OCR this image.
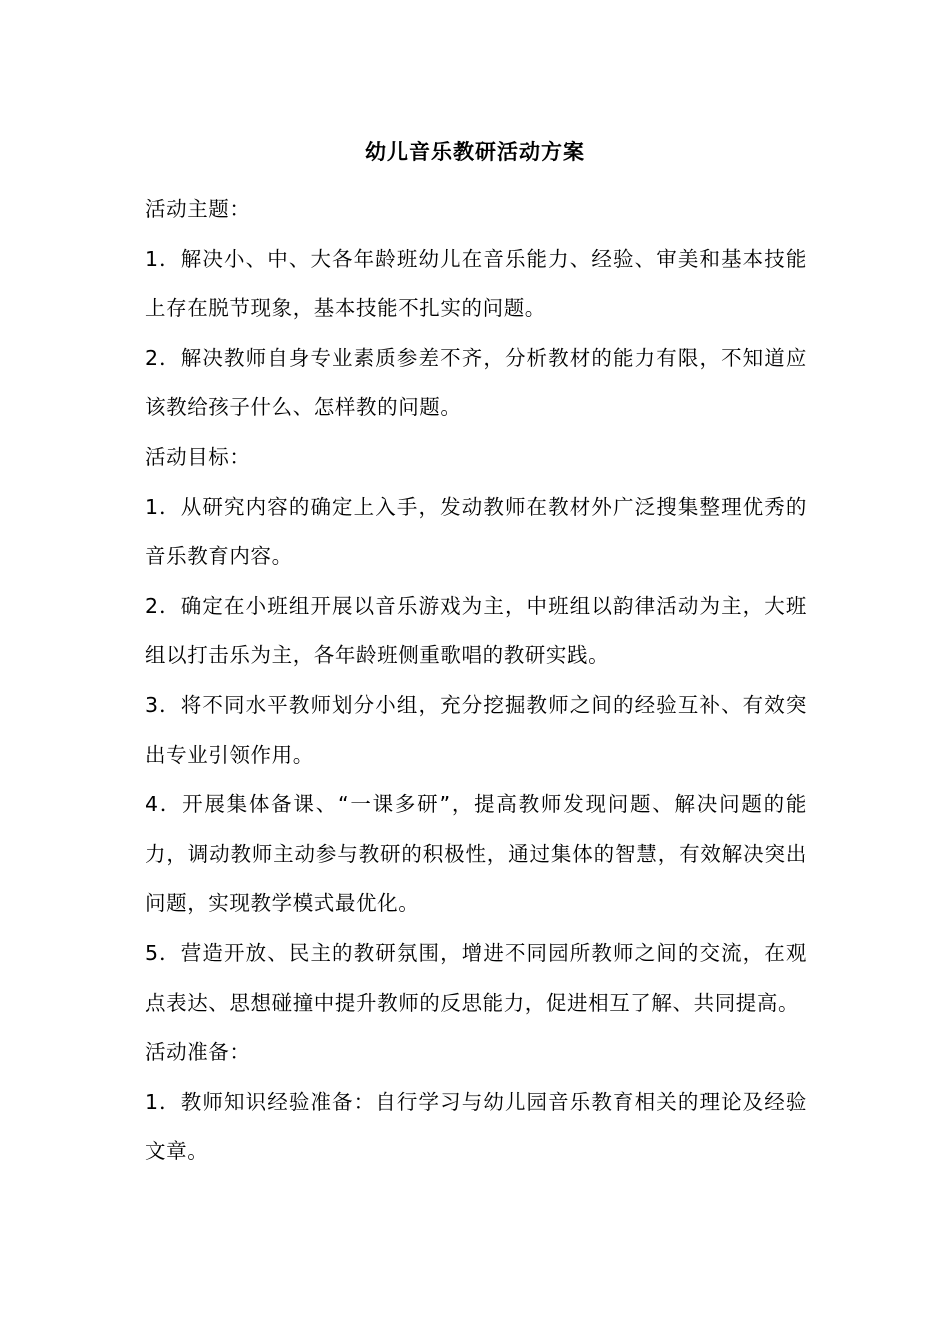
幼儿音乐教研活动方案

活动主题：

1．解决小、中、大各年龄班幼儿在音乐能力、经验、审美和基本技能上存在脱节现象，基本技能不扎实的问题。

2．解决教师自身专业素质参差不齐，分析教材的能力有限，不知道应该教给孩子什么、怎样教的问题。

活动目标：

1．从研究内容的确定上入手，发动教师在教材外广泛搜集整理优秀的音乐教育内容。

2．确定在小班组开展以音乐游戏为主，中班组以韵律活动为主，大班组以打击乐为主，各年龄班侧重歌唱的教研实践。

3．将不同水平教师划分小组，充分挖掘教师之间的经验互补、有效突出专业引领作用。

4．开展集体备课、“一课多研”，提高教师发现问题、解决问题的能力，调动教师主动参与教研的积极性，通过集体的智慧，有效解决突出问题，实现教学模式最优化。

5．营造开放、民主的教研氛围，增进不同园所教师之间的交流，在观点表达、思想碰撞中提升教师的反思能力，促进相互了解、共同提高。

活动准备：

1．教师知识经验准备：自行学习与幼儿园音乐教育相关的理论及经验文章。
